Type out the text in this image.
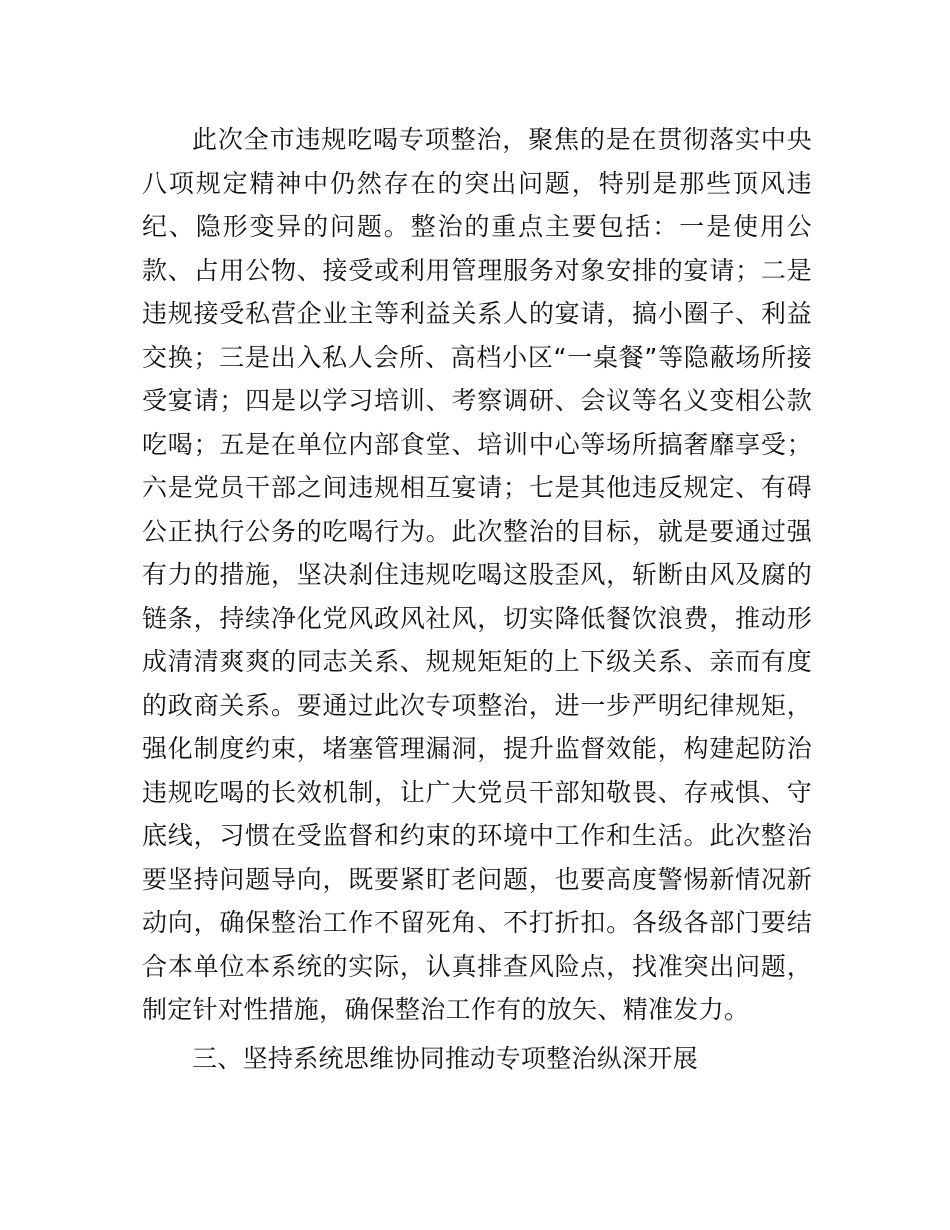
此次全市违规吃喝专项整治，聚焦的是在贯彻落实中央八项规定精神中仍然存在的突出问题，特别是那些顶风违纪、隐形变异的问题。整治的重点主要包括：一是使用公款、占用公物、接受或利用管理服务对象安排的宴请；二是违规接受私营企业主等利益关系人的宴请，搞小圈子、利益交换；三是出入私人会所、高档小区“一桌餐”等隐蔽场所接受宴请；四是以学习培训、考察调研、会议等名义变相公款吃喝；五是在单位内部食堂、培训中心等场所搞奢靡享受；六是党员干部之间违规相互宴请；七是其他违反规定、有碍公正执行公务的吃喝行为。此次整治的目标，就是要通过强有力的措施，坚决刹住违规吃喝这股歪风，斩断由风及腐的链条，持续净化党风政风社风，切实降低餐饮浪费，推动形成清清爽爽的同志关系、规规矩矩的上下级关系、亲而有度的政商关系。要通过此次专项整治，进一步严明纪律规矩，强化制度约束，堵塞管理漏洞，提升监督效能，构建起防治违规吃喝的长效机制，让广大党员干部知敬畏、存戒惧、守底线，习惯在受监督和约束的环境中工作和生活。此次整治要坚持问题导向，既要紧盯老问题，也要高度警惕新情况新动向，确保整治工作不留死角、不打折扣。各级各部门要结合本单位本系统的实际，认真排查风险点，找准突出问题，制定针对性措施，确保整治工作有的放矢、精准发力。

三、坚持系统思维协同推动专项整治纵深开展
